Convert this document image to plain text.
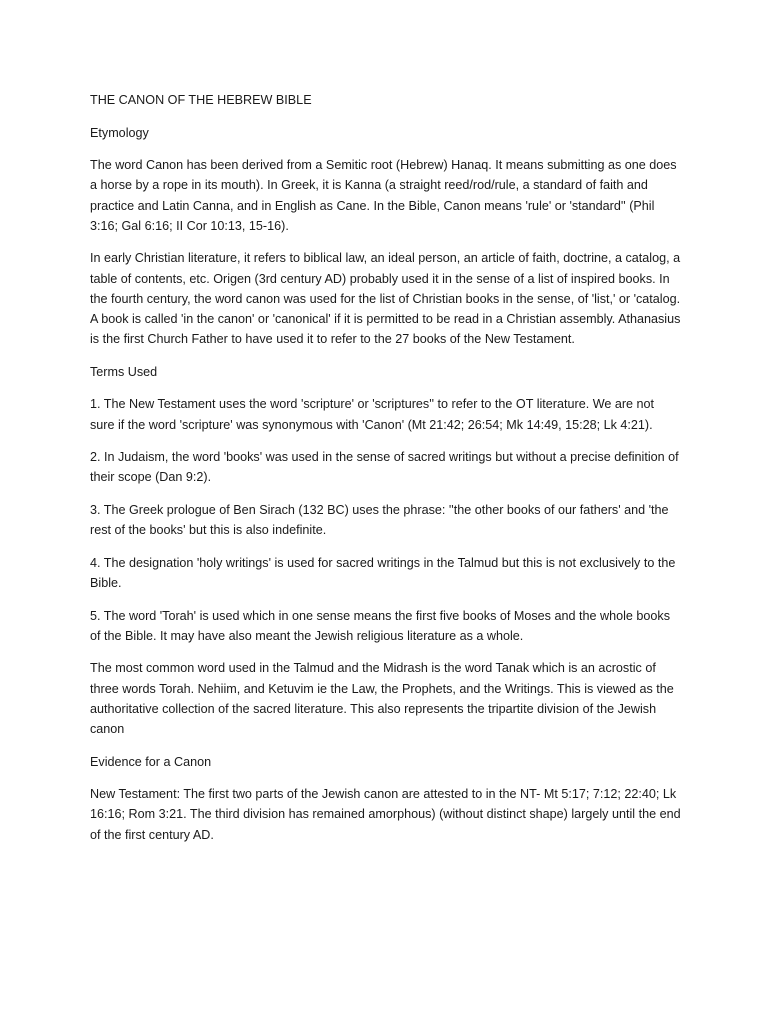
THE CANON OF THE HEBREW BIBLE

Etymology

The word Canon has been derived from a Semitic root (Hebrew) Hanaq. It means submitting as one does a horse by a rope in its mouth). In Greek, it is Kanna (a straight reed/rod/rule, a standard of faith and practice and Latin Canna, and in English as Cane. In the Bible, Canon means 'rule' or 'standard'' (Phil 3:16; Gal 6:16; II Cor 10:13, 15-16).

In early Christian literature, it refers to biblical law, an ideal person, an article of faith, doctrine, a catalog, a table of contents, etc. Origen (3rd century AD) probably used it in the sense of a list of inspired books. In the fourth century, the word canon was used for the list of Christian books in the sense, of 'list,' or 'catalog. A book is called 'in the canon' or 'canonical' if it is permitted to be read in a Christian assembly. Athanasius is the first Church Father to have used it to refer to the 27 books of the New Testament.

Terms Used

1. The New Testament uses the word 'scripture' or 'scriptures'' to refer to the OT literature. We are not sure if the word 'scripture' was synonymous with 'Canon' (Mt 21:42; 26:54; Mk 14:49, 15:28; Lk 4:21).

2. In Judaism, the word 'books' was used in the sense of sacred writings but without a precise definition of their scope (Dan 9:2).

3. The Greek prologue of Ben Sirach (132 BC) uses the phrase: ''the other books of our fathers' and 'the rest of the books' but this is also indefinite.

4. The designation 'holy writings' is used for sacred writings in the Talmud but this is not exclusively to the Bible.

5. The word 'Torah' is used which in one sense means the first five books of Moses and the whole books of the Bible. It may have also meant the Jewish religious literature as a whole.

The most common word used in the Talmud and the Midrash is the word Tanak which is an acrostic of three words Torah. Nehiim, and Ketuvim ie the Law, the Prophets, and the Writings. This is viewed as the authoritative collection of the sacred literature. This also represents the tripartite division of the Jewish canon

Evidence for a Canon

New Testament: The first two parts of the Jewish canon are attested to in the NT- Mt 5:17; 7:12; 22:40; Lk 16:16; Rom 3:21. The third division has remained amorphous) (without distinct shape) largely until the end of the first century AD.
